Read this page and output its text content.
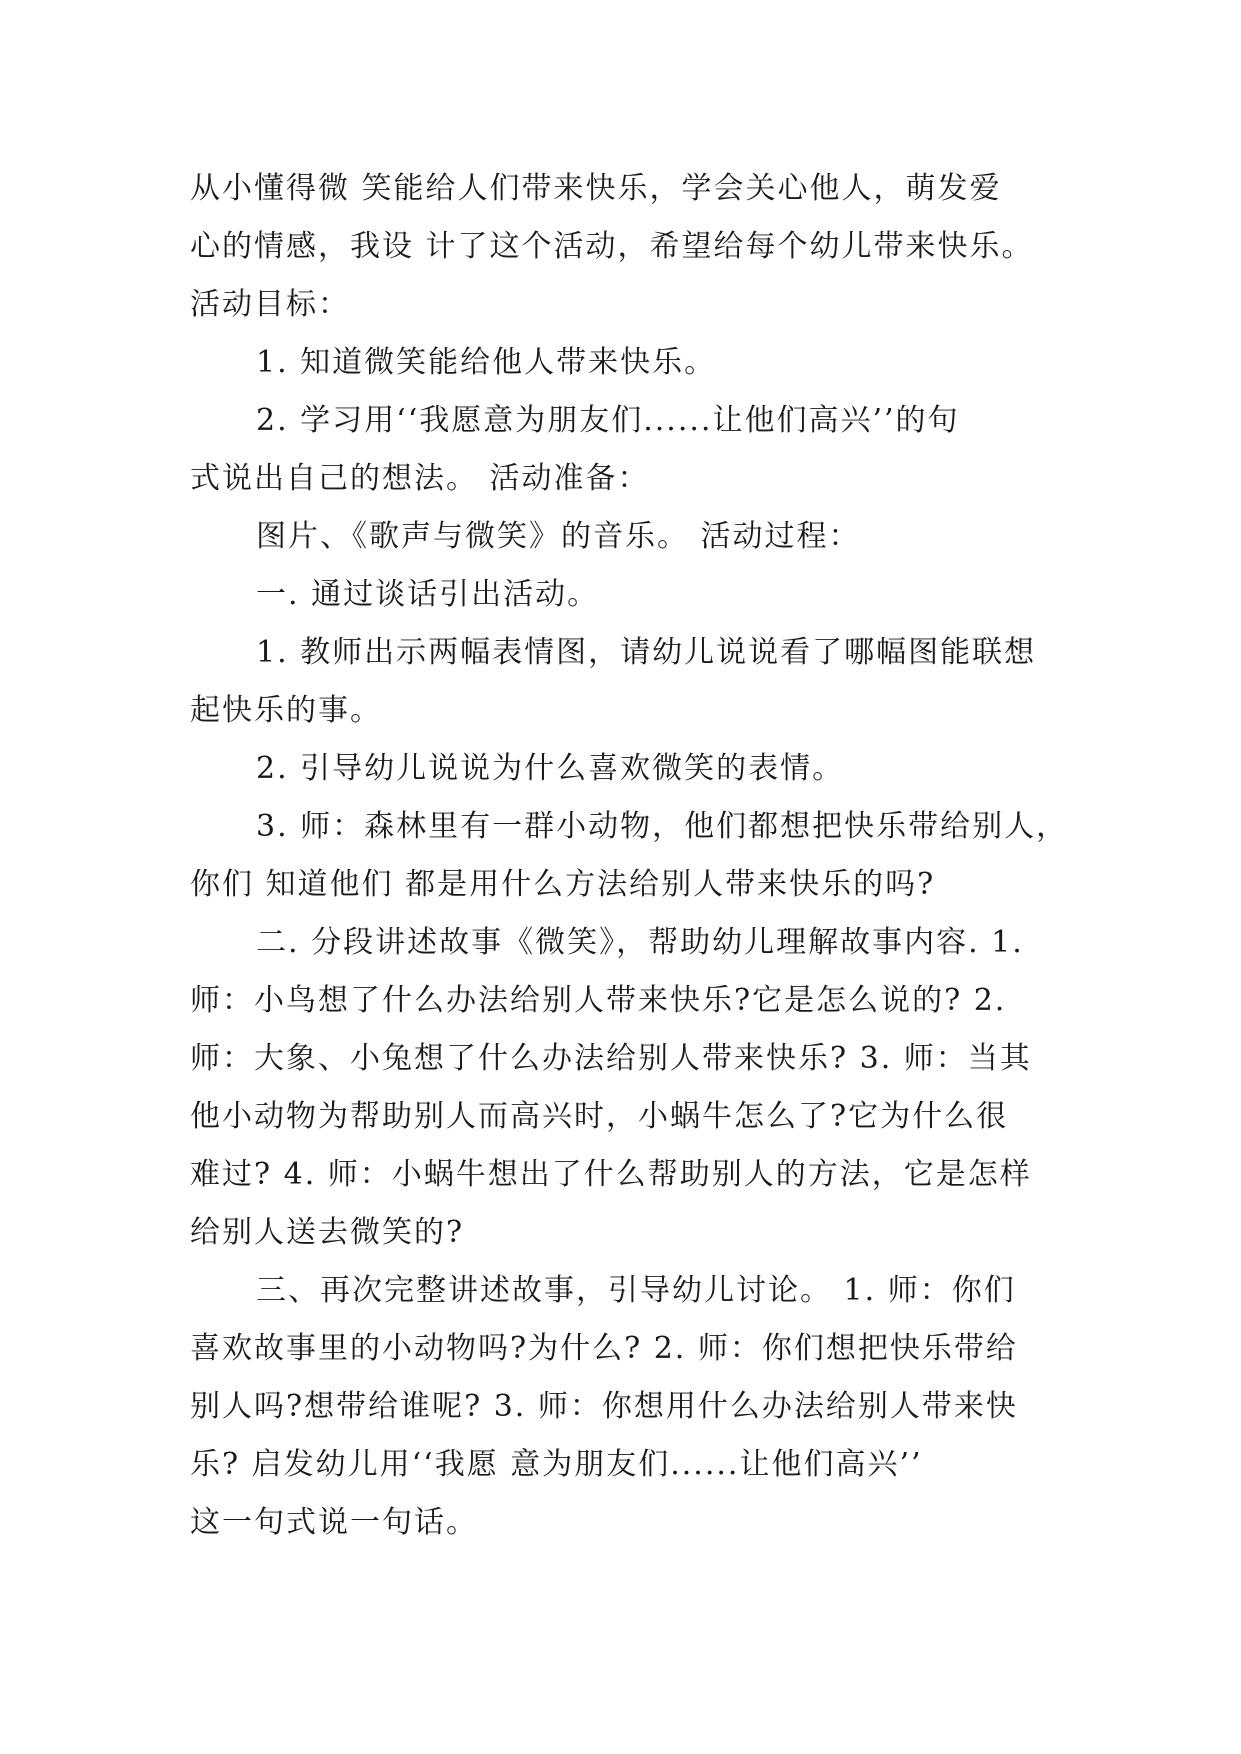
从小懂得微 笑能给人们带来快乐，学会关心他人，萌发爱
心的情感，我设 计了这个活动，希望给每个幼儿带来快乐。
活动目标：
1. 知道微笑能给他人带来快乐。
2. 学习用‘‘我愿意为朋友们......让他们高兴’’的句
式说出自己的想法。 活动准备：
图片、《歌声与微笑》的音乐。 活动过程：
一. 通过谈话引出活动。
1. 教师出示两幅表情图，请幼儿说说看了哪幅图能联想
起快乐的事。
2. 引导幼儿说说为什么喜欢微笑的表情。
3. 师：森林里有一群小动物，他们都想把快乐带给别人，
你们 知道他们 都是用什么方法给别人带来快乐的吗?
二. 分段讲述故事《微笑》，帮助幼儿理解故事内容. 1.
师：小鸟想了什么办法给别人带来快乐?它是怎么说的? 2.
师：大象、小兔想了什么办法给别人带来快乐? 3. 师：当其
他小动物为帮助别人而高兴时，小蜗牛怎么了?它为什么很
难过? 4. 师：小蜗牛想出了什么帮助别人的方法，它是怎样
给别人送去微笑的?
三、再次完整讲述故事，引导幼儿讨论。 1. 师：你们
喜欢故事里的小动物吗?为什么? 2. 师：你们想把快乐带给
别人吗?想带给谁呢? 3. 师：你想用什么办法给别人带来快
乐? 启发幼儿用‘‘我愿 意为朋友们......让他们高兴’’
这一句式说一句话。
